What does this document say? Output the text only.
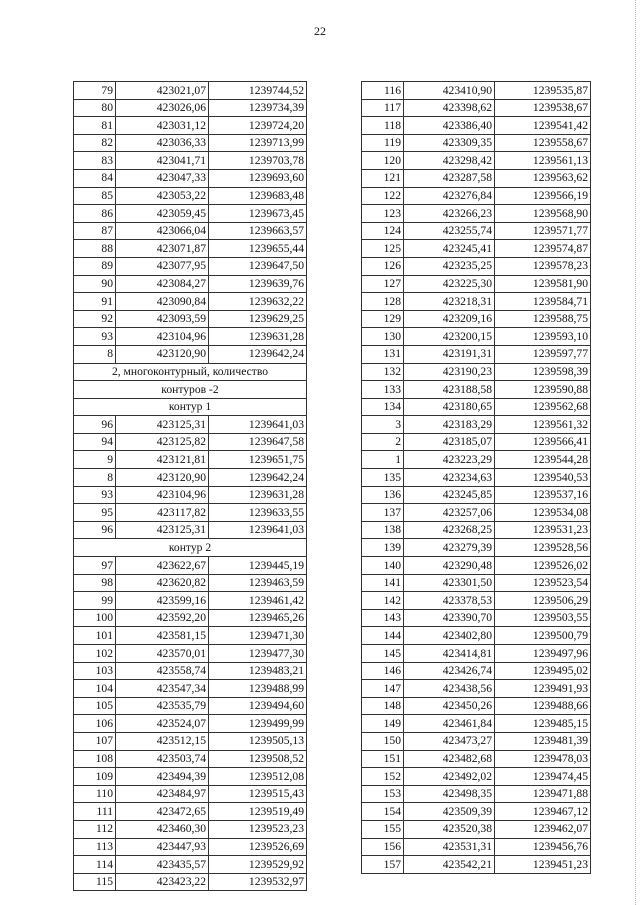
22
79	423021,07	1239744,52
80	423026,06	1239734,39
81	423031,12	1239724,20
82	423036,33	1239713,99
83	423041,71	1239703,78
84	423047,33	1239693,60
85	423053,22	1239683,48
86	423059,45	1239673,45
87	423066,04	1239663,57
88	423071,87	1239655,44
89	423077,95	1239647,50
90	423084,27	1239639,76
91	423090,84	1239632,22
92	423093,59	1239629,25
93	423104,96	1239631,28
8	423120,90	1239642,24
2, многоконтурный, количество		
контуров -2		
контур 1		
96	423125,31	1239641,03
94	423125,82	1239647,58
9	423121,81	1239651,75
8	423120,90	1239642,24
93	423104,96	1239631,28
95	423117,82	1239633,55
96	423125,31	1239641,03
контур 2		
97	423622,67	1239445,19
98	423620,82	1239463,59
99	423599,16	1239461,42
100	423592,20	1239465,26
101	423581,15	1239471,30
102	423570,01	1239477,30
103	423558,74	1239483,21
104	423547,34	1239488,99
105	423535,79	1239494,60
106	423524,07	1239499,99
107	423512,15	1239505,13
108	423503,74	1239508,52
109	423494,39	1239512,08
110	423484,97	1239515,43
111	423472,65	1239519,49
112	423460,30	1239523,23
113	423447,93	1239526,69
114	423435,57	1239529,92
115	423423,22	1239532,97
116	423410,90	1239535,87
117	423398,62	1239538,67
118	423386,40	1239541,42
119	423309,35	1239558,67
120	423298,42	1239561,13
121	423287,58	1239563,62
122	423276,84	1239566,19
123	423266,23	1239568,90
124	423255,74	1239571,77
125	423245,41	1239574,87
126	423235,25	1239578,23
127	423225,30	1239581,90
128	423218,31	1239584,71
129	423209,16	1239588,75
130	423200,15	1239593,10
131	423191,31	1239597,77
132	423190,23	1239598,39
133	423188,58	1239590,88
134	423180,65	1239562,68
3	423183,29	1239561,32
2	423185,07	1239566,41
1	423223,29	1239544,28
135	423234,63	1239540,53
136	423245,85	1239537,16
137	423257,06	1239534,08
138	423268,25	1239531,23
139	423279,39	1239528,56
140	423290,48	1239526,02
141	423301,50	1239523,54
142	423378,53	1239506,29
143	423390,70	1239503,55
144	423402,80	1239500,79
145	423414,81	1239497,96
146	423426,74	1239495,02
147	423438,56	1239491,93
148	423450,26	1239488,66
149	423461,84	1239485,15
150	423473,27	1239481,39
151	423482,68	1239478,03
152	423492,02	1239474,45
153	423498,35	1239471,88
154	423509,39	1239467,12
155	423520,38	1239462,07
156	423531,31	1239456,76
157	423542,21	1239451,23
